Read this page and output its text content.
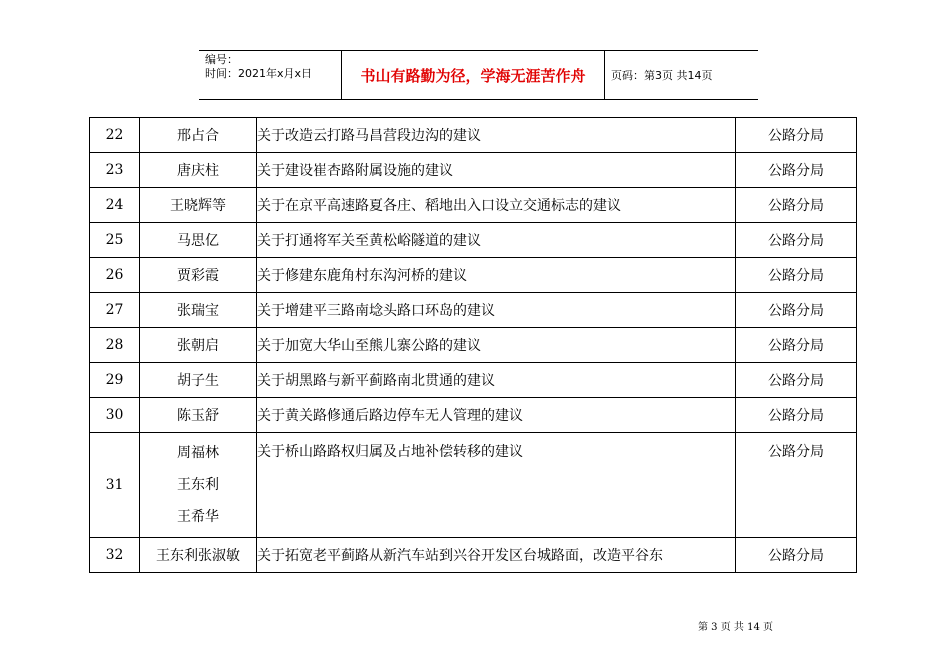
编号：
时间：2021年x月x日	书山有路勤为径，学海无涯苦作舟	页码：第3页 共14页
22	邢占合	关于改造云打路马昌营段边沟的建议	公路分局
23	唐庆柱	关于建设崔杏路附属设施的建议	公路分局
24	王晓辉等	关于在京平高速路夏各庄、稻地出入口设立交通标志的建议	公路分局
25	马思亿	关于打通将军关至黄松峪隧道的建议	公路分局
26	贾彩霞	关于修建东鹿角村东沟河桥的建议	公路分局
27	张瑞宝	关于增建平三路南埝头路口环岛的建议	公路分局
28	张朝启	关于加宽大华山至熊儿寨公路的建议	公路分局
29	胡子生	关于胡黑路与新平蓟路南北贯通的建议	公路分局
30	陈玉舒	关于黄关路修通后路边停车无人管理的建议	公路分局
31	周福林
王东利
王希华	关于桥山路路权归属及占地补偿转移的建议	公路分局
32	王东利张淑敏	关于拓宽老平蓟路从新汽车站到兴谷开发区台城路面，改造平谷东	公路分局
第 3 页 共 14 页
